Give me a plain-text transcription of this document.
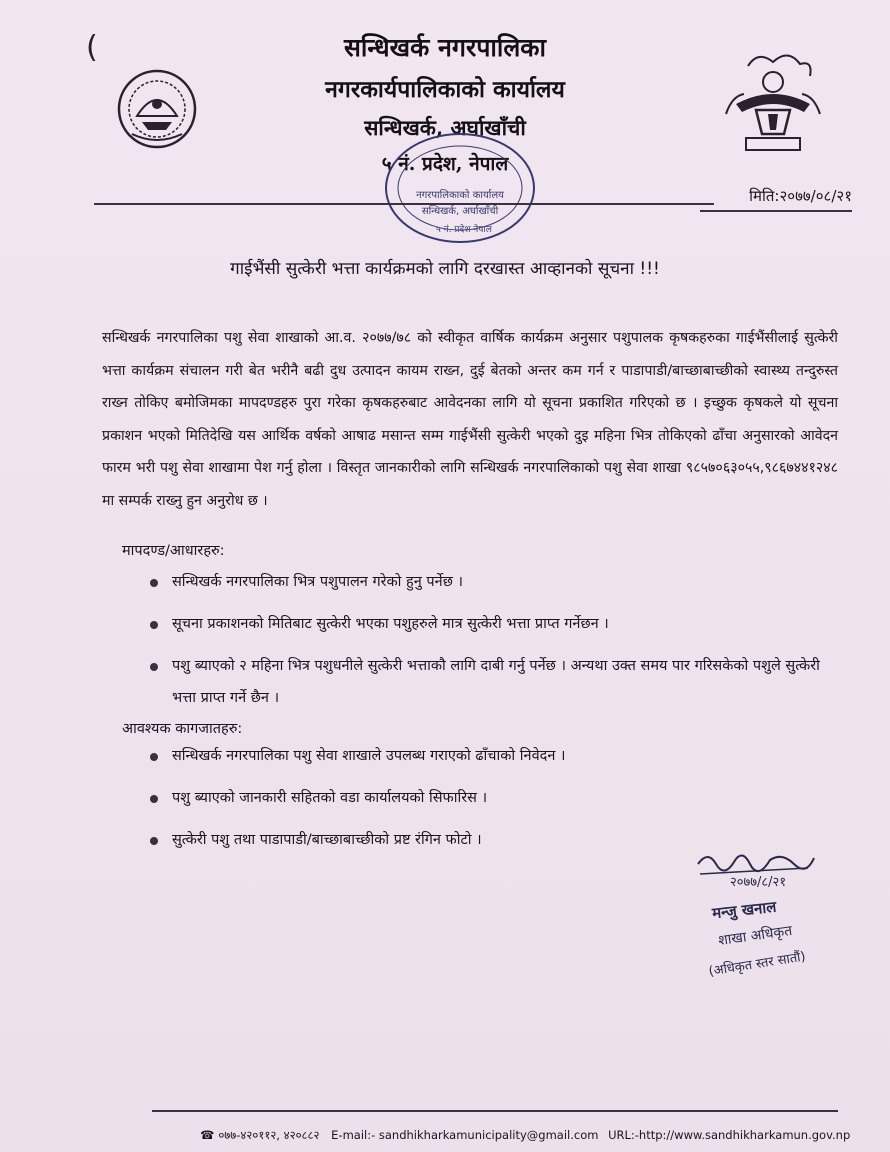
(	सन्धिखर्क नगरपालिका
नगरकार्यपालिकाको कार्यालय
सन्धिखर्क, अर्घाखाँची
५ नं. प्रदेश, नेपाल
नगरपालिकाको कार्यालय
सन्धिखर्क, अर्घाखाँची
५ नं. प्रदेश नेपाल
मिति:२०७७/०८/२१
गाईभैंसी सुत्केरी भत्ता कार्यक्रमको लागि दरखास्त आव्हानको सूचना !!!
सन्धिखर्क नगरपालिका पशु सेवा शाखाको आ.व. २०७७/७८ को स्वीकृत वार्षिक कार्यक्रम अनुसार पशुपालक कृषकहरुका गाईभैंसीलाई सुत्केरी भत्ता कार्यक्रम संचालन गरी बेत भरीनै बढी दुध उत्पादन कायम राख्न, दुई बेतको अन्तर कम गर्न र पाडापाडी/बाच्छाबाच्छीको स्वास्थ्य तन्दुरुस्त राख्न तोकिए बमोजिमका मापदण्डहरु पुरा गरेका कृषकहरुबाट आवेदनका लागि यो सूचना प्रकाशित गरिएको छ । इच्छुक कृषकले यो सूचना प्रकाशन भएको मितिदेखि यस आर्थिक वर्षको आषाढ मसान्त सम्म गाईभैंसी सुत्केरी भएको दुइ महिना भित्र तोकिएको ढाँचा अनुसारको आवेदन फारम भरी पशु सेवा शाखामा पेश गर्नु होला । विस्तृत जानकारीको लागि सन्धिखर्क नगरपालिकाको पशु सेवा शाखा ९८५७०६३०५५,९८६७४४१२४८ मा सम्पर्क राख्नु हुन अनुरोध छ ।
मापदण्ड/आधारहरु:
सन्धिखर्क नगरपालिका भित्र पशुपालन गरेको हुनु पर्नेछ ।
सूचना प्रकाशनको मितिबाट सुत्केरी भएका पशुहरुले मात्र सुत्केरी भत्ता प्राप्त गर्नेछन ।
पशु ब्याएको २ महिना भित्र पशुधनीले सुत्केरी भत्ताकौ लागि दाबी गर्नु पर्नेछ । अन्यथा उक्त समय पार गरिसकेको पशुले सुत्केरी भत्ता प्राप्त गर्ने छैन ।
आवश्यक कागजातहरु:
सन्धिखर्क नगरपालिका पशु सेवा शाखाले उपलब्ध गराएको ढाँचाको निवेदन ।
पशु ब्याएको जानकारी सहितको वडा कार्यालयको सिफारिस ।
सुत्केरी पशु तथा पाडापाडी/बाच्छाबाच्छीको प्रष्ट रंगिन फोटो ।
२०७७/८/२१
मन्जु खनाल
शाखा अधिकृत
(अधिकृत स्तर सातौं)
☎ ०७७-४२०११२, ४२०८८२ E-mail:- sandhikharkamunicipality@gmail.com URL:-http://www.sandhikharkamun.gov.np
